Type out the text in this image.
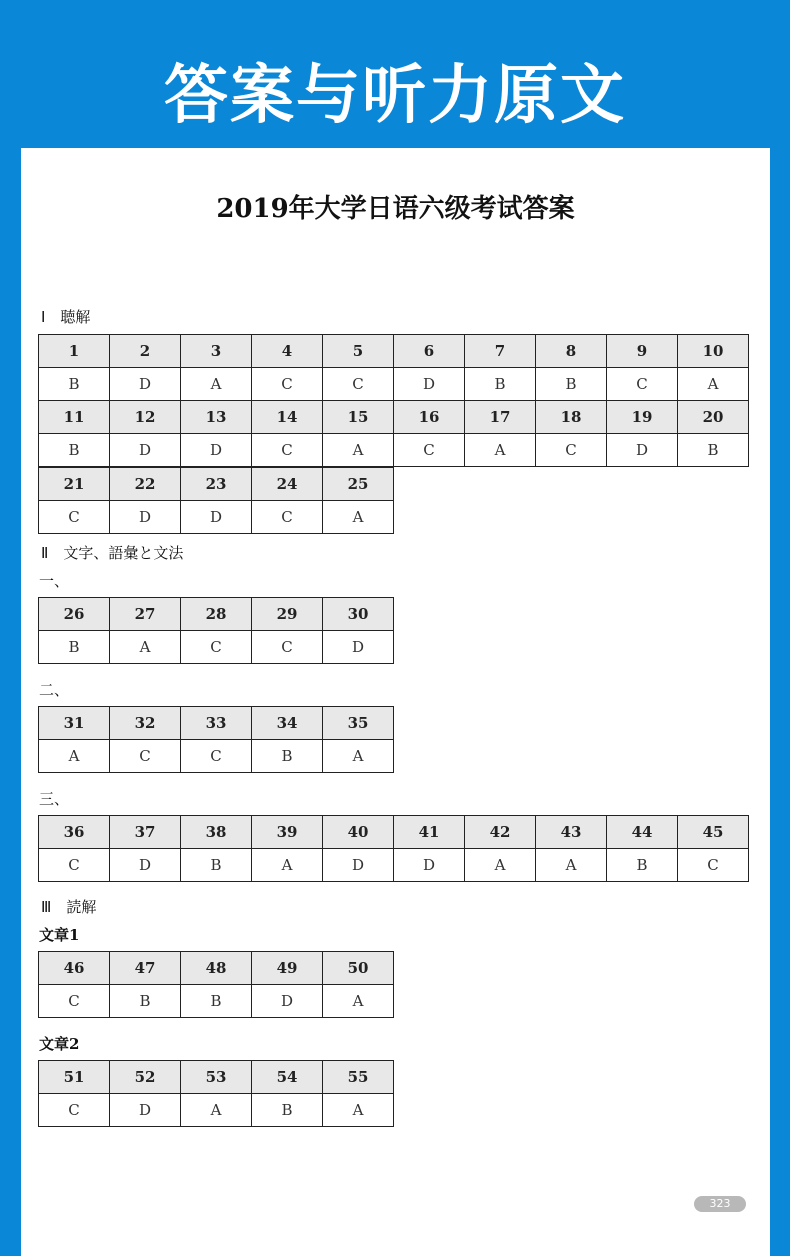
答案与听力原文
2019年大学日语六级考试答案
Ⅰ　聴解
1	2	3	4	5	6	7	8	9	10
B	D	A	C	C	D	B	B	C	A
11	12	13	14	15	16	17	18	19	20
B	D	D	C	A	C	A	C	D	B
21	22	23	24	25
C	D	D	C	A
Ⅱ　文字、語彙と文法
一、
26	27	28	29	30
B	A	C	C	D
二、
31	32	33	34	35
A	C	C	B	A
三、
36	37	38	39	40	41	42	43	44	45
C	D	B	A	D	D	A	A	B	C
Ⅲ　読解
文章1
46	47	48	49	50
C	B	B	D	A
文章2
51	52	53	54	55
C	D	A	B	A
323
